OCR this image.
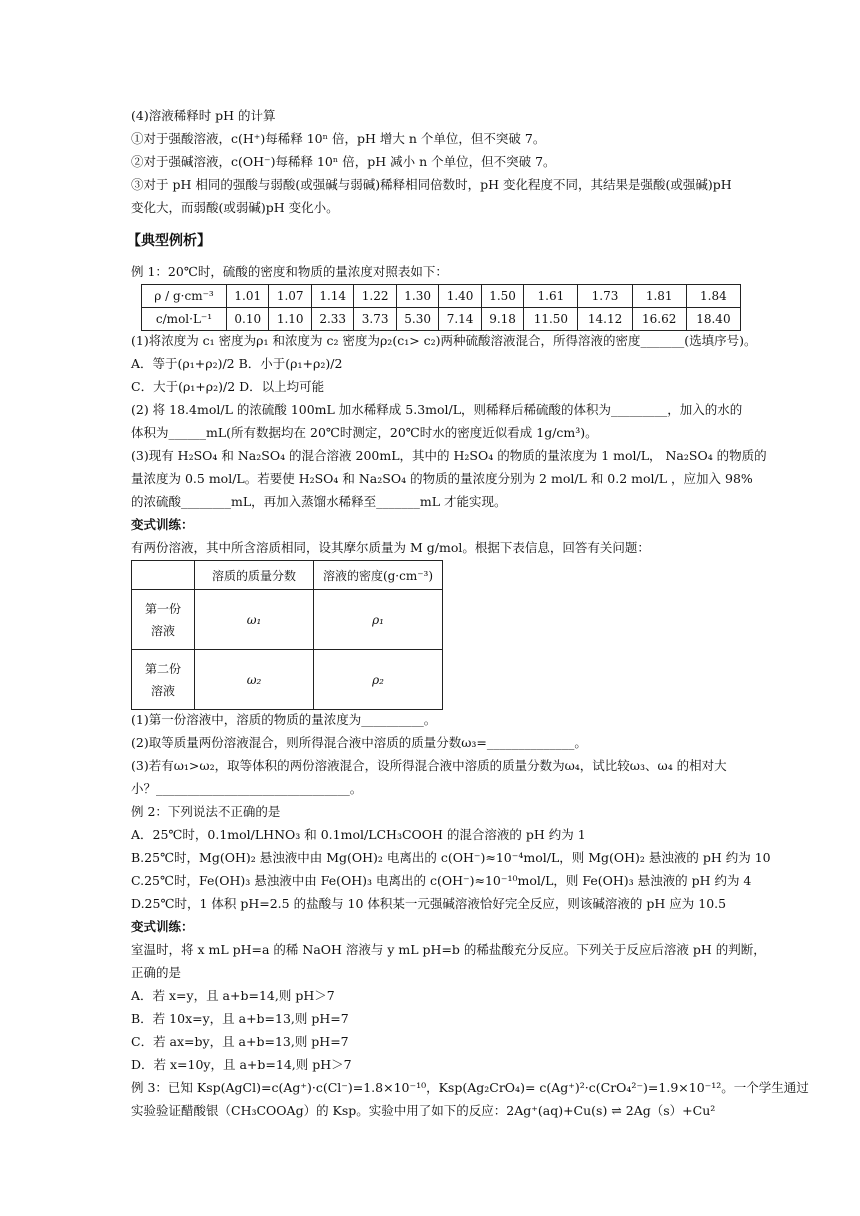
(4)溶液稀释时 pH 的计算
①对于强酸溶液，c(H⁺)每稀释 10ⁿ 倍，pH 增大 n 个单位，但不突破 7。
②对于强碱溶液，c(OH⁻)每稀释 10ⁿ 倍，pH 减小 n 个单位，但不突破 7。
③对于 pH 相同的强酸与弱酸(或强碱与弱碱)稀释相同倍数时，pH 变化程度不同，其结果是强酸(或强碱)pH
变化大，而弱酸(或弱碱)pH 变化小。
【典型例析】
例 1：20℃时，硫酸的密度和物质的量浓度对照表如下：
ρ / g·cm⁻³	1.01	1.07	1.14	1.22	1.30	1.40	1.50	1.61	1.73	1.81	1.84
c/mol·L⁻¹	0.10	1.10	2.33	3.73	5.30	7.14	9.18	11.50	14.12	16.62	18.40
(1)将浓度为 c₁ 密度为ρ₁ 和浓度为 c₂ 密度为ρ₂(c₁> c₂)两种硫酸溶液混合，所得溶液的密度_______(选填序号)。
A．等于(ρ₁+ρ₂)/2 B．小于(ρ₁+ρ₂)/2
C．大于(ρ₁+ρ₂)/2 D．以上均可能
(2) 将 18.4mol/L 的浓硫酸 100mL 加水稀释成 5.3mol/L，则稀释后稀硫酸的体积为_________，加入的水的
体积为______mL(所有数据均在 20℃时测定，20℃时水的密度近似看成 1g/cm³)。
(3)现有 H₂SO₄ 和 Na₂SO₄ 的混合溶液 200mL，其中的 H₂SO₄ 的物质的量浓度为 1 mol/L， Na₂SO₄ 的物质的
量浓度为 0.5 mol/L。若要使 H₂SO₄ 和 Na₂SO₄ 的物质的量浓度分别为 2 mol/L 和 0.2 mol/L ，应加入 98%
的浓硫酸________mL，再加入蒸馏水稀释至_______mL 才能实现。
变式训练：
有两份溶液，其中所含溶质相同，设其摩尔质量为 M g/mol。根据下表信息，回答有关问题：
	溶质的质量分数	溶液的密度(g·cm⁻³)

第一份
溶液	ω₁	ρ₁

第二份
溶液	ω₂	ρ₂
(1)第一份溶液中，溶质的物质的量浓度为__________。
(2)取等质量两份溶液混合，则所得混合液中溶质的质量分数ω₃=______________。
(3)若有ω₁>ω₂，取等体积的两份溶液混合，设所得混合液中溶质的质量分数为ω₄，试比较ω₃、ω₄ 的相对大
小？_______________________________。
例 2：下列说法不正确的是
A．25℃时，0.1mol/LHNO₃ 和 0.1mol/LCH₃COOH 的混合溶液的 pH 约为 1
B.25℃时，Mg(OH)₂ 悬浊液中由 Mg(OH)₂ 电离出的 c(OH⁻)≈10⁻⁴mol/L，则 Mg(OH)₂ 悬浊液的 pH 约为 10
C.25℃时，Fe(OH)₃ 悬浊液中由 Fe(OH)₃ 电离出的 c(OH⁻)≈10⁻¹⁰mol/L，则 Fe(OH)₃ 悬浊液的 pH 约为 4
D.25℃时，1 体积 pH=2.5 的盐酸与 10 体积某一元强碱溶液恰好完全反应，则该碱溶液的 pH 应为 10.5
变式训练：
室温时，将 x mL pH=a 的稀 NaOH 溶液与 y mL pH=b 的稀盐酸充分反应。下列关于反应后溶液 pH 的判断，
正确的是
A．若 x=y，且 a+b=14,则 pH＞7
B．若 10x=y，且 a+b=13,则 pH=7
C．若 ax=by，且 a+b=13,则 pH=7
D．若 x=10y，且 a+b=14,则 pH＞7
例 3：已知 Ksp(AgCl)=c(Ag⁺)·c(Cl⁻)=1.8×10⁻¹⁰，Ksp(Ag₂CrO₄)= c(Ag⁺)²·c(CrO₄²⁻)=1.9×10⁻¹²。一个学生通过
实验验证醋酸银（CH₃COOAg）的 Ksp。实验中用了如下的反应：2Ag⁺(aq)+Cu(s) ⇌ 2Ag（s）+Cu²
